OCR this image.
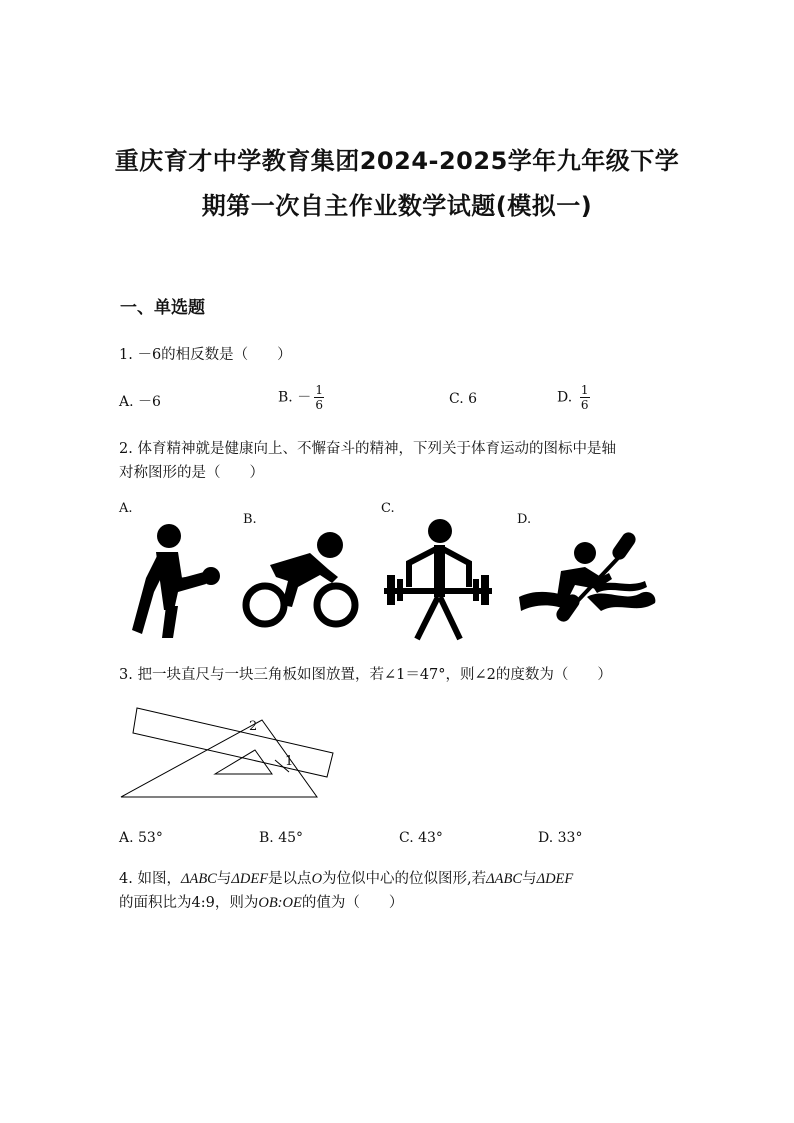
重庆育才中学教育集团2024-2025学年九年级下学
期第一次自主作业数学试题(模拟一)
一、单选题
1. －6的相反数是（　　）
A. －6	B. － $\frac{1}{6}$	C. 6	D. $\frac{1}{6}$
2. 体育精神就是健康向上、不懈奋斗的精神，下列关于体育运动的图标中是轴
对称图形的是（　　）
A.
B.
C.
D.
3. 把一块直尺与一块三角板如图放置，若∠1＝47°，则∠2的度数为（　　）
2
1
A. 53°	B. 45°	C. 43°	D. 33°
4. 如图，ΔABC与ΔDEF是以点O为位似中心的位似图形,若ΔABC与ΔDEF
的面积比为4:9，则为OB:OE的值为（　　）
